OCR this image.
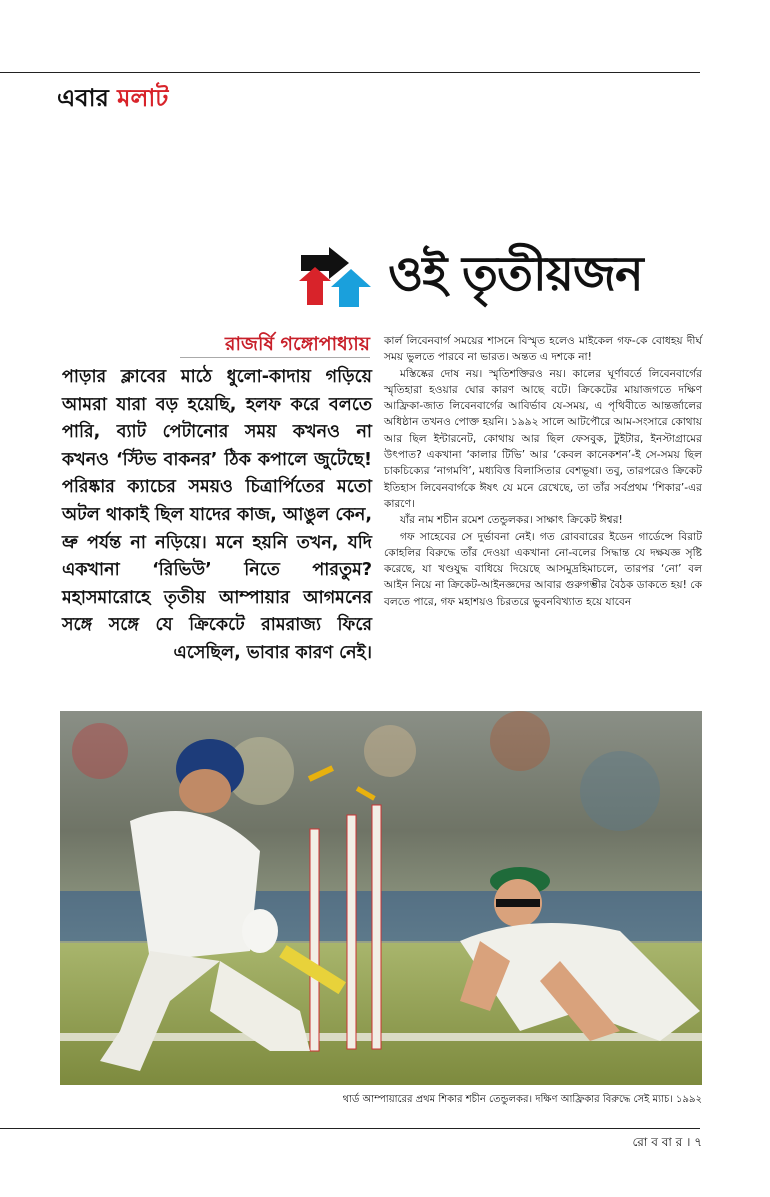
এবার মলাট
ওই তৃতীয়জন
রাজর্ষি গঙ্গোপাধ্যায়

পাড়ার ক্লাবের মাঠে ধুলো-কাদায় গড়িয়ে আমরা যারা বড় হয়েছি, হলফ করে বলতে পারি, ব্যাট পেটানোর সময় কখনও না কখনও ‘স্টিভ বাকনর’ ঠিক কপালে জুটেছে! পরিষ্কার ক্যাচের সময়ও চিত্রার্পিতের মতো অটল থাকাই ছিল যাদের কাজ, আঙুল কেন, ভ্রু পর্যন্ত না নড়িয়ে। মনে হয়নি তখন, যদি একখানা ‘রিভিউ’ নিতে পারতুম? মহাসমারোহে তৃতীয় আম্পায়ার আগমনের সঙ্গে সঙ্গে যে ক্রিকেটে রামরাজ্য ফিরে এসেছিল, ভাবার কারণ নেই।

কার্ল লিবেনবার্গ সময়ের শাসনে বিস্মৃত হলেও মাইকেল গফ-কে বোধহয় দীর্ঘ সময় ভুলতে পারবে না ভারত। অন্তত এ দশকে না!

মস্তিষ্কের দোষ নয়। স্মৃতিশক্তিরও নয়। কালের ঘূর্ণাবর্তে লিবেনবার্গের স্মৃতিহারা হওয়ার ঘোর কারণ আছে বটে। ক্রিকেটের মায়াজগতে দক্ষিণ আফ্রিকা-জাত লিবেনবার্গের আবির্ভাব যে-সময়, এ পৃথিবীতে আন্তর্জালের অধিষ্ঠান তখনও পোক্ত হয়নি। ১৯৯২ সালে আটপৌরে আম-সংসারে কোথায় আর ছিল ইন্টারনেট, কোথায় আর ছিল ফেসবুক, টুইটার, ইনস্টাগ্রামের উৎপাত? একখানা ‘কালার টিভি’ আর ‘কেবল কানেকশন’-ই সে-সময় ছিল চাকচিক্যের ‘নাগমণি’, মধ্যবিত্ত বিলাসিতার বেশভূষা। তবু, তারপরেও ক্রিকেট ইতিহাস লিবেনবার্গকে ঈষৎ যে মনে রেখেছে, তা তাঁর সর্বপ্রথম ‘শিকার’-এর কারণে।

যাঁর নাম শচীন রমেশ তেন্ডুলকর। সাক্ষাৎ ক্রিকেট ঈশ্বর!

গফ সাহেবের সে দুর্ভাবনা নেই। গত রোববারের ইডেন গার্ডেন্সে বিরাট কোহলির বিরুদ্ধে তাঁর দেওয়া একখানা নো-বলের সিদ্ধান্ত যে দক্ষযজ্ঞ সৃষ্টি করেছে, যা খণ্ডযুদ্ধ বাধিয়ে দিয়েছে আসমুদ্রহিমাচলে, তারপর ‘নো’ বল আইন নিয়ে না ক্রিকেট-আইনজ্ঞদের আবার গুরুগম্ভীর বৈঠক ডাকতে হয়! কে বলতে পারে, গফ মহাশয়ও চিরতরে ভুবনবিখ্যাত হয়ে যাবেন

থার্ড আম্পায়ারের প্রথম শিকার শচীন তেন্ডুলকর। দক্ষিণ আফ্রিকার বিরুদ্ধে সেই ম্যাচ। ১৯৯২
রো ব বা র । ৭
